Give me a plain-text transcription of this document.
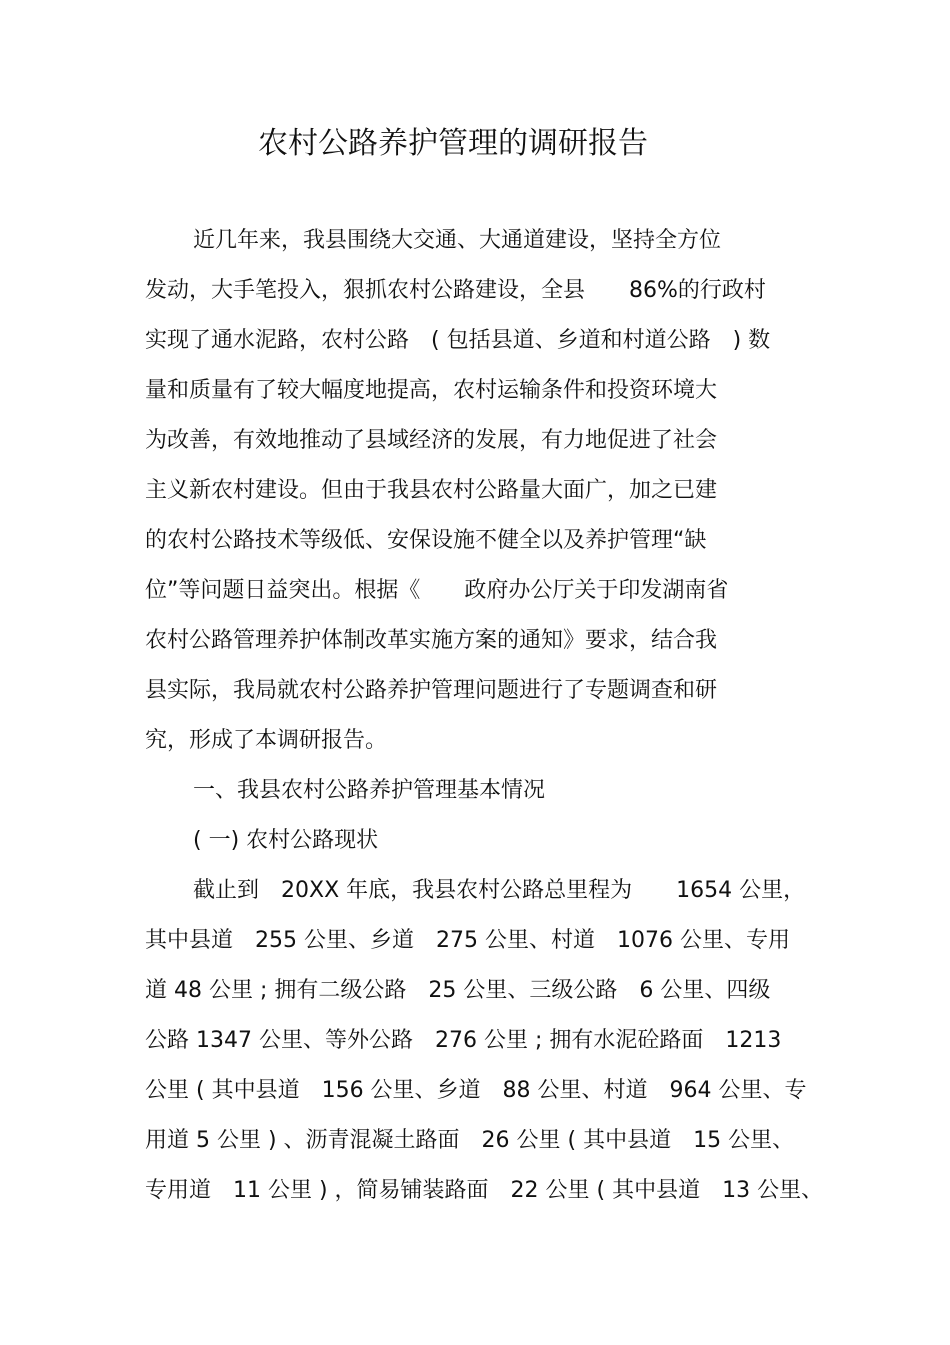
农村公路养护管理的调研报告
近几年来，我县围绕大交通、大通道建设，坚持全方位
发动，大手笔投入，狠抓农村公路建设，全县　　86%的行政村
实现了通水泥路，农村公路　( 包括县道、乡道和村道公路　) 数
量和质量有了较大幅度地提高，农村运输条件和投资环境大
为改善，有效地推动了县域经济的发展，有力地促进了社会
主义新农村建设。但由于我县农村公路量大面广，加之已建
的农村公路技术等级低、安保设施不健全以及养护管理“缺
位”等问题日益突出。根据《　　政府办公厅关于印发湖南省
农村公路管理养护体制改革实施方案的通知》要求，结合我
县实际，我局就农村公路养护管理问题进行了专题调查和研
究，形成了本调研报告。
一、我县农村公路养护管理基本情况
( 一) 农村公路现状
截止到　20XX 年底，我县农村公路总里程为　　1654 公里，
其中县道　255 公里、乡道　275 公里、村道　1076 公里、专用
道 48 公里 ; 拥有二级公路　25 公里、三级公路　6 公里、四级
公路 1347 公里、等外公路　276 公里 ; 拥有水泥砼路面　1213
公里 ( 其中县道　156 公里、乡道　88 公里、村道　964 公里、专
用道 5 公里 ) 、沥青混凝土路面　26 公里 ( 其中县道　15 公里、
专用道　11 公里 ) ，简易铺装路面　22 公里 ( 其中县道　13 公里、
